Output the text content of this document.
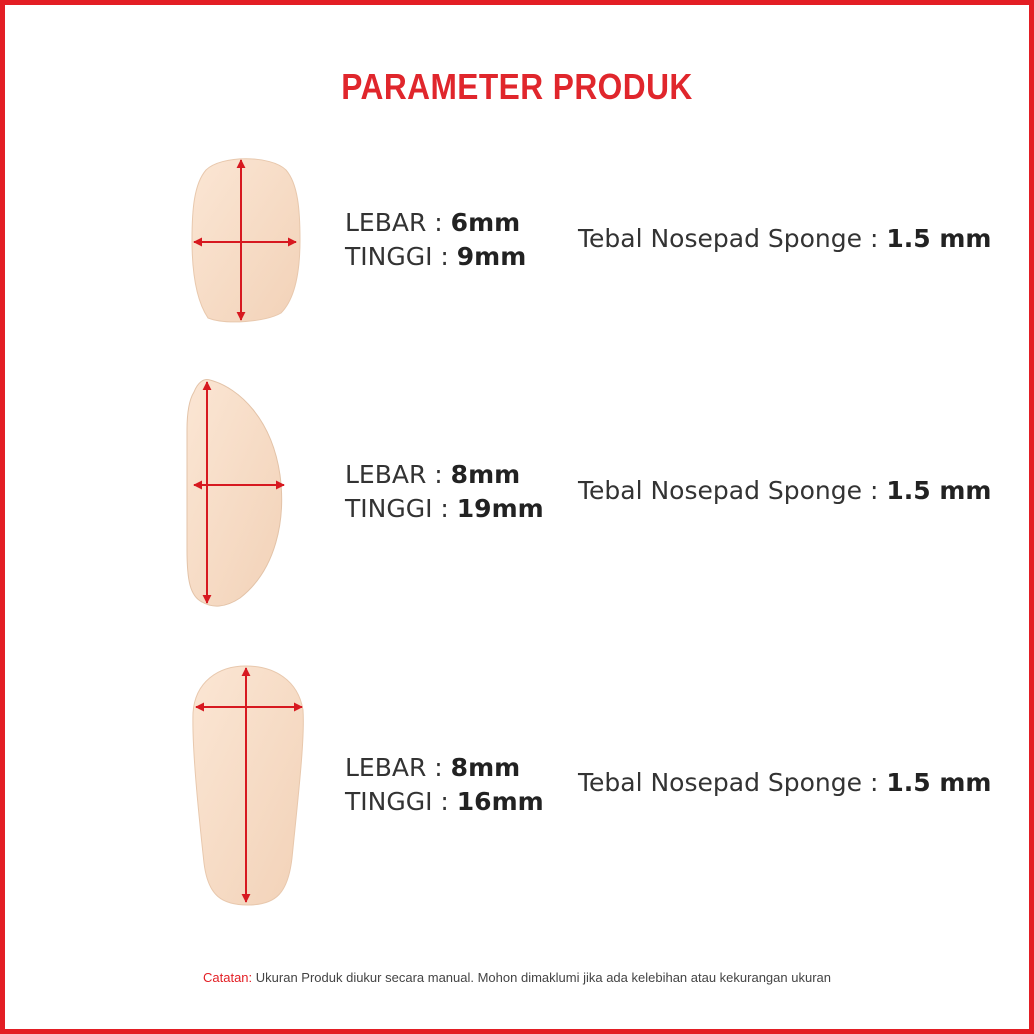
PARAMETER PRODUK
LEBAR : 6mm
TINGGI : 9mm
Tebal Nosepad Sponge : 1.5 mm
LEBAR : 8mm
TINGGI : 19mm
Tebal Nosepad Sponge : 1.5 mm
LEBAR : 8mm
TINGGI : 16mm
Tebal Nosepad Sponge : 1.5 mm
Catatan: Ukuran Produk diukur secara manual. Mohon dimaklumi jika ada kelebihan atau kekurangan ukuran
